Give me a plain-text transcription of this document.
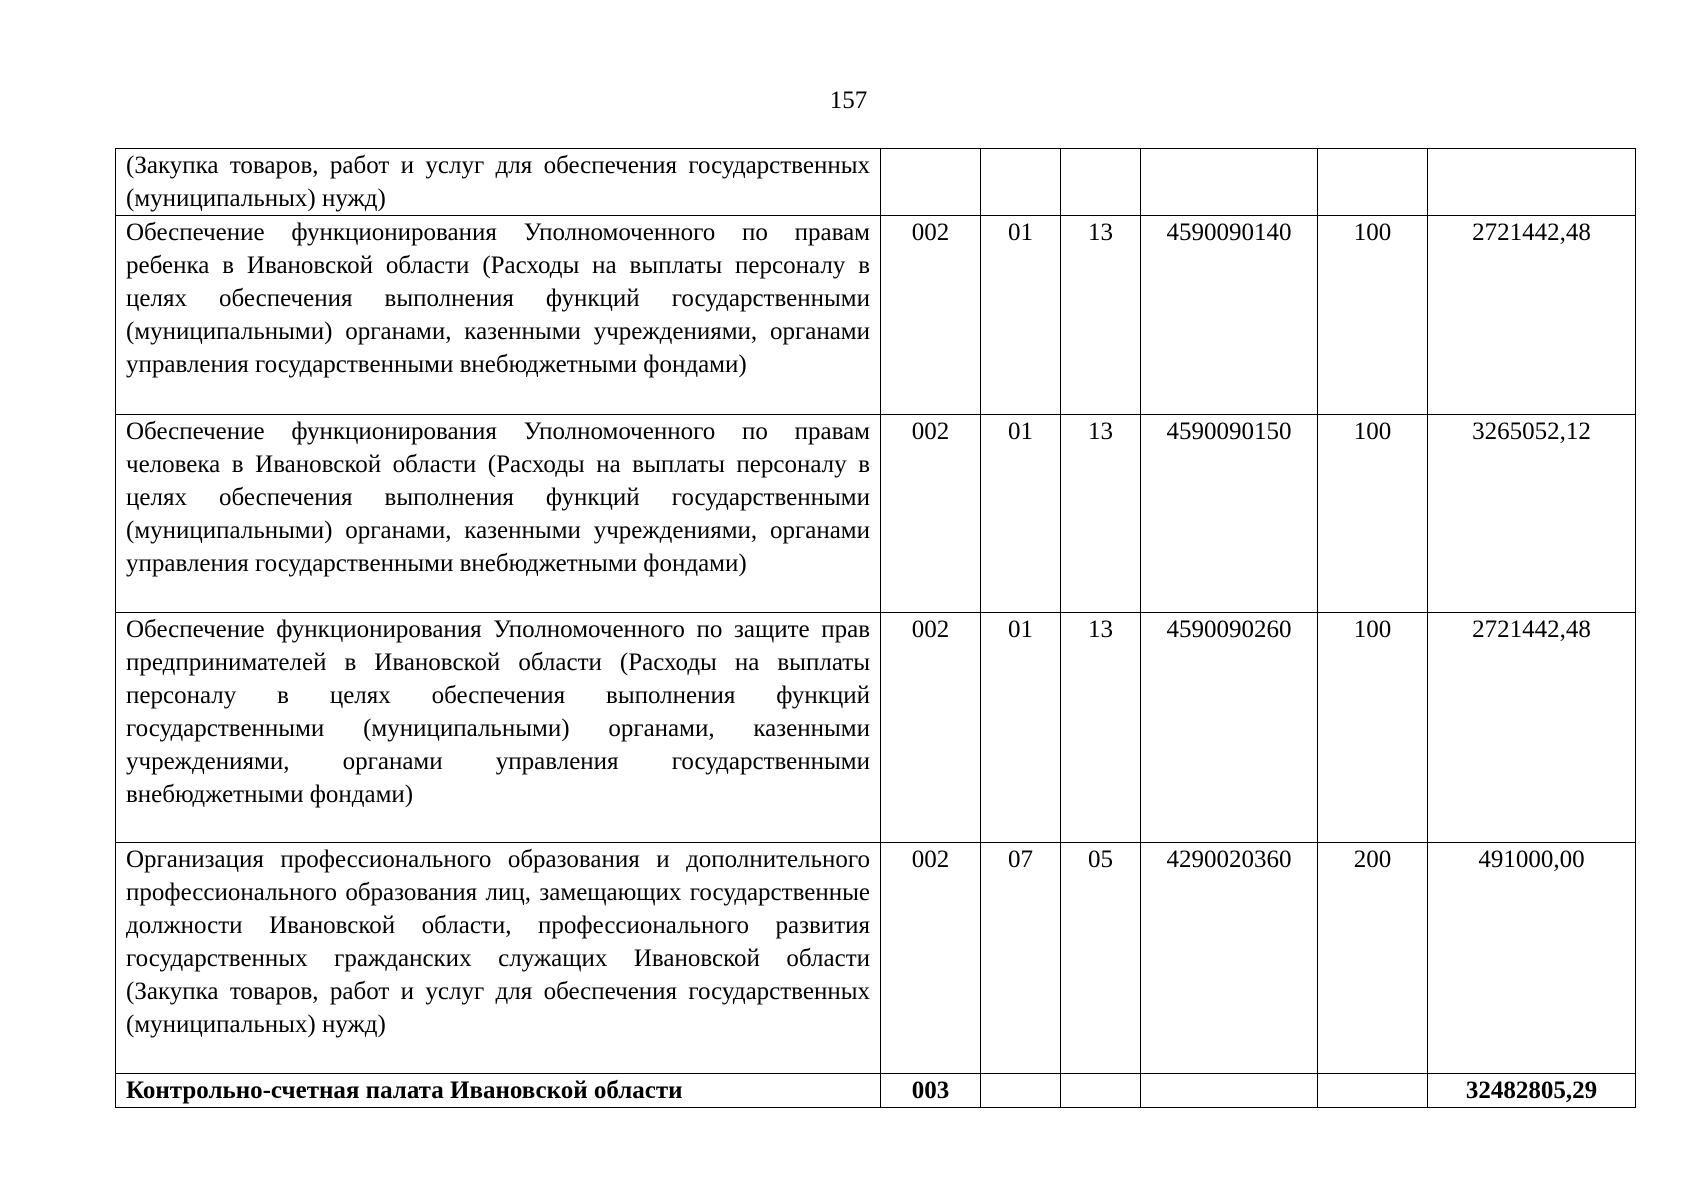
157
(Закупка товаров, работ и услуг для обеспечения государственных (муниципальных) нужд)						
Обеспечение функционирования Уполномоченного по правам ребенка в Ивановской области (Расходы на выплаты персоналу в целях обеспечения выполнения функций государственными (муниципальными) органами, казенными учреждениями, органами управления государственными внебюджетными фондами)	002	01	13	4590090140	100	2721442,48
Обеспечение функционирования Уполномоченного по правам человека в Ивановской области (Расходы на выплаты персоналу в целях обеспечения выполнения функций государственными (муниципальными) органами, казенными учреждениями, органами управления государственными внебюджетными фондами)	002	01	13	4590090150	100	3265052,12
Обеспечение функционирования Уполномоченного по защите прав предпринимателей в Ивановской области (Расходы на выплаты персоналу в целях обеспечения выполнения функций государственными (муниципальными) органами, казенными учреждениями, органами управления государственными внебюджетными фондами)	002	01	13	4590090260	100	2721442,48
Организация профессионального образования и дополнительного профессионального образования лиц, замещающих государственные должности Ивановской области, профессионального развития государственных гражданских служащих Ивановской области (Закупка товаров, работ и услуг для обеспечения государственных (муниципальных) нужд)	002	07	05	4290020360	200	491000,00
Контрольно-счетная палата Ивановской области	003					32482805,29
